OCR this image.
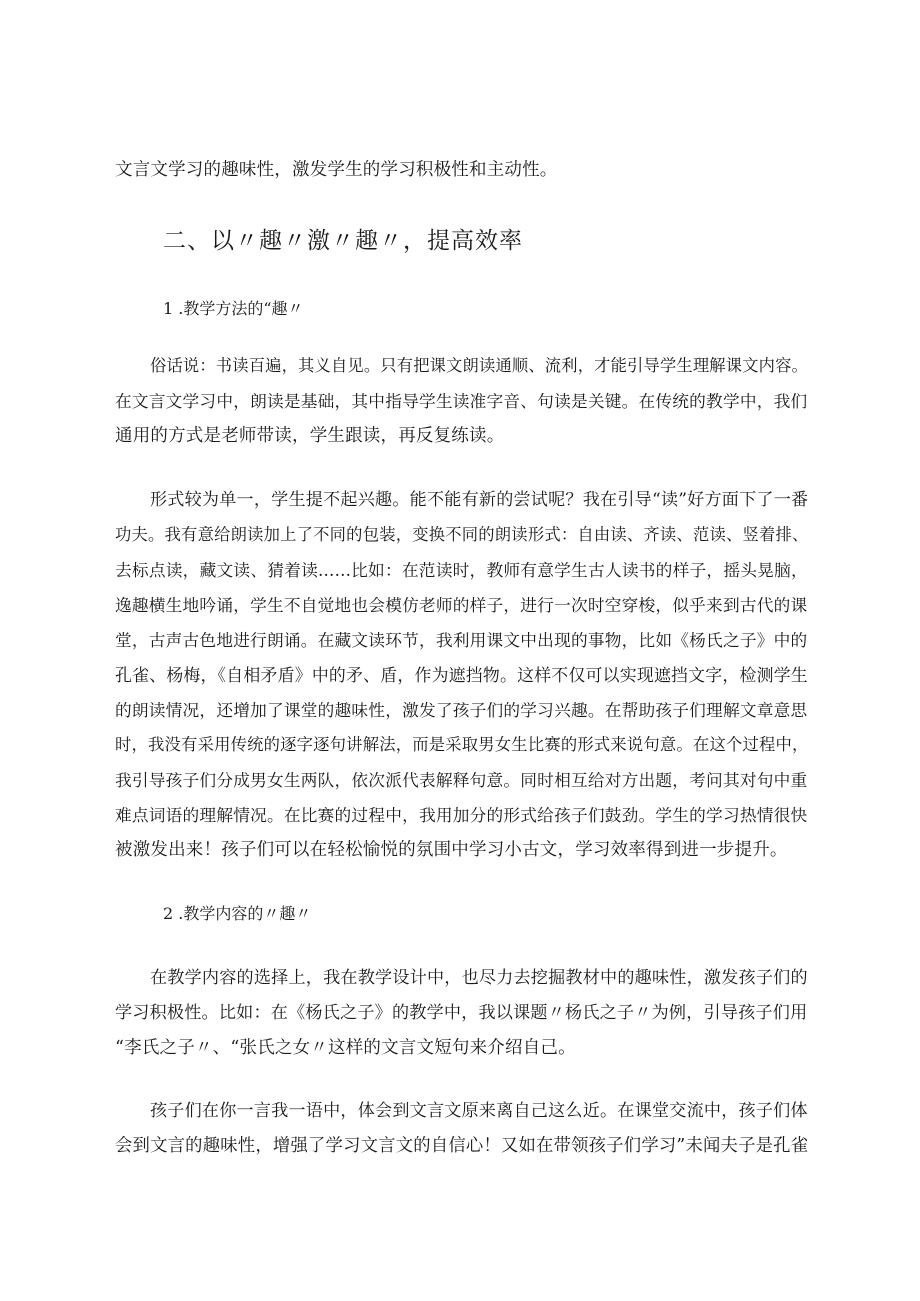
文言文学习的趣味性，激发学生的学习积极性和主动性。
二、以〃趣〃激〃趣〃，提高效率
1 .教学方法的“趣〃
俗话说：书读百遍，其义自见。只有把课文朗读通顺、流利，才能引导学生理解课文内容。
在文言文学习中，朗读是基础，其中指导学生读准字音、句读是关键。在传统的教学中，我们
通用的方式是老师带读，学生跟读，再反复练读。
形式较为单一，学生提不起兴趣。能不能有新的尝试呢？我在引导“读”好方面下了一番
功夫。我有意给朗读加上了不同的包装，变换不同的朗读形式：自由读、齐读、范读、竖着排、
去标点读，藏文读、猜着读......比如：在范读时，教师有意学生古人读书的样子，摇头晃脑，
逸趣横生地吟诵，学生不自觉地也会模仿老师的样子，进行一次时空穿梭，似乎来到古代的课
堂，古声古色地进行朗诵。在藏文读环节，我利用课文中出现的事物，比如《杨氏之子》中的
孔雀、杨梅，《自相矛盾》中的矛、盾，作为遮挡物。这样不仅可以实现遮挡文字，检测学生
的朗读情况，还增加了课堂的趣味性，激发了孩子们的学习兴趣。在帮助孩子们理解文章意思
时，我没有采用传统的逐字逐句讲解法，而是采取男女生比赛的形式来说句意。在这个过程中，
我引导孩子们分成男女生两队，依次派代表解释句意。同时相互给对方出题，考问其对句中重
难点词语的理解情况。在比赛的过程中，我用加分的形式给孩子们鼓劲。学生的学习热情很快
被激发出来！孩子们可以在轻松愉悦的氛围中学习小古文，学习效率得到进一步提升。
2 .教学内容的〃趣〃
在教学内容的选择上，我在教学设计中，也尽力去挖掘教材中的趣味性，激发孩子们的
学习积极性。比如：在《杨氏之子》的教学中，我以课题〃杨氏之子〃为例，引导孩子们用
“李氏之子〃、“张氏之女〃这样的文言文短句来介绍自己。
孩子们在你一言我一语中，体会到文言文原来离自己这么近。在课堂交流中，孩子们体
会到文言的趣味性，增强了学习文言文的自信心！又如在带领孩子们学习”未闻夫子是孔雀
